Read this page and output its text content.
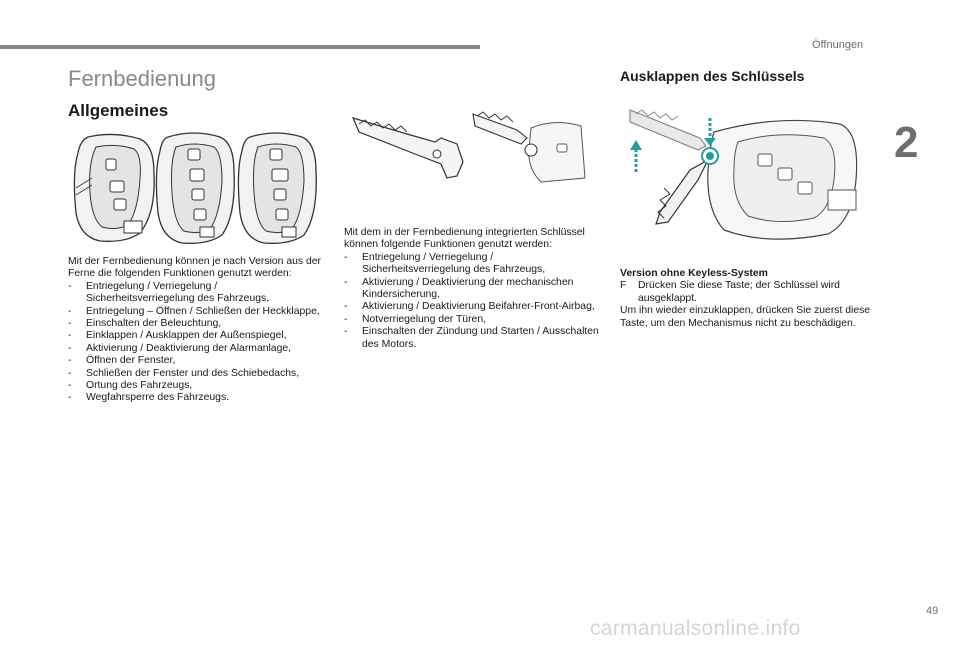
Öffnungen
2
Fernbedienung
Allgemeines
Mit der Fernbedienung können je nach Version aus der Ferne die folgenden Funktionen genutzt werden:
- Entriegelung / Verriegelung / Sicherheitsverriegelung des Fahrzeugs,
- Entriegelung – Öffnen / Schließen der Heckklappe,
- Einschalten der Beleuchtung,
- Einklappen / Ausklappen der Außenspiegel,
- Aktivierung / Deaktivierung der Alarmanlage,
- Öffnen der Fenster,
- Schließen der Fenster und des Schiebedachs,
- Ortung des Fahrzeugs,
- Wegfahrsperre des Fahrzeugs.
Mit dem in der Fernbedienung integrierten Schlüssel können folgende Funktionen genutzt werden:
- Entriegelung / Verriegelung / Sicherheitsverriegelung des Fahrzeugs,
- Aktivierung / Deaktivierung der mechanischen Kindersicherung,
- Aktivierung / Deaktivierung Beifahrer-Front-Airbag,
- Notverriegelung der Türen,
- Einschalten der Zündung und Starten / Ausschalten des Motors.
Ausklappen des Schlüssels
Version ohne Keyless-System
F Drücken Sie diese Taste; der Schlüssel wird ausgeklappt.
Um ihn wieder einzuklappen, drücken Sie zuerst diese Taste, um den Mechanismus nicht zu beschädigen.
49
carmanualsonline.info
